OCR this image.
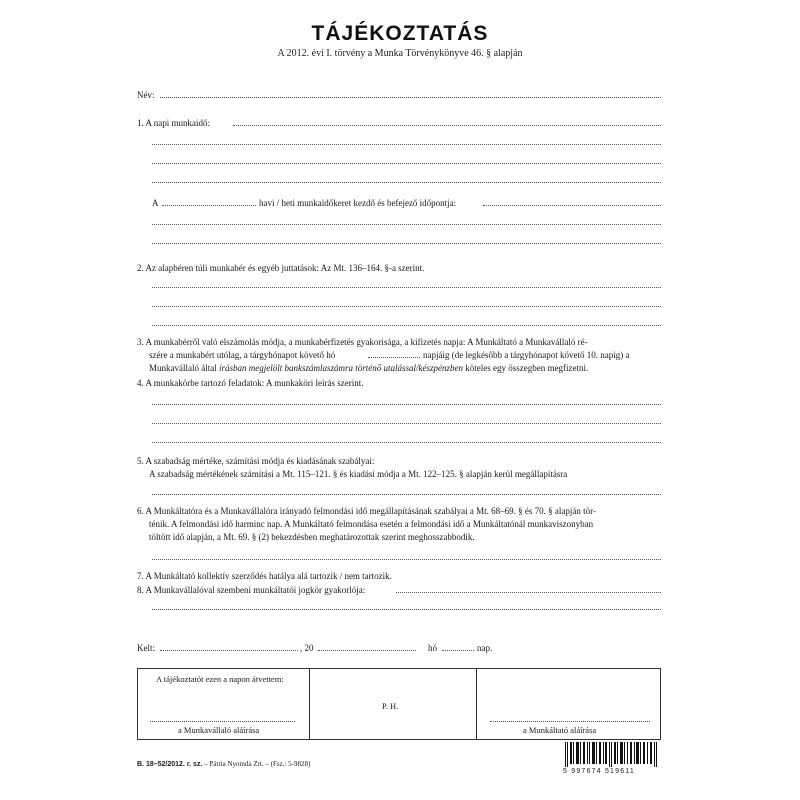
TÁJÉKOZTATÁS
A 2012. évi I. törvény a Munka Törvénykönyve 46. § alapján
Név:
1. A napi munkaidő:
A	havi / heti munkaidőkeret kezdő és befejező időpontja:
2. Az alapbéren túli munkabér és egyéb juttatások: Az Mt. 136–164. §-a szerint.
3. A munkabérről való elszámolás módja, a munkabérfizetés gyakorisága, a kifizetés napja: A Munkáltató a Munkavállaló ré-
szére a munkabért utólag, a tárgyhónapot követő hó	napjáig (de legkésőbb a tárgyhónapot követő 10. napig) a
Munkavállaló által írásban megjelölt bankszámlaszámra történő utalással/készpénzben köteles egy összegben megfizetni.
4. A munkakörbe tartozó feladatok: A munkaköri leírás szerint.
5. A szabadság mértéke, számítási módja és kiadásának szabályai:
A szabadság mértékének számítási a Mt. 115–121. § és kiadási módja a Mt. 122–125. § alapján kerül megállapításra
6. A Munkáltatóra és a Munkavállalóra irányadó felmondási idő megállapításának szabályai a Mt. 68–69. § és 70. § alapján tör-
ténik. A felmondási idő harminc nap. A Munkáltató felmondása esetén a felmondási idő a Munkáltatónál munkaviszonyban
töltött idő alapján, a Mt. 69. § (2) bekezdésben meghatározottak szerint meghosszabbodik.
7. A Munkáltató kollektív szerződés hatálya alá tartozik / nem tartozik.
8. A Munkavállalóval szembeni munkáltatói jogkör gyakorlója:
Kelt:	, 20	hó	nap.
A tájékoztatót ezen a napon átvettem:
a Munkavállaló aláírása
P. H.
a Munkáltató aláírása
B. 18–52/2012. r. sz. – Pátria Nyomda Zrt. – (Fsz.: 5-9828)
5 997674 519611
